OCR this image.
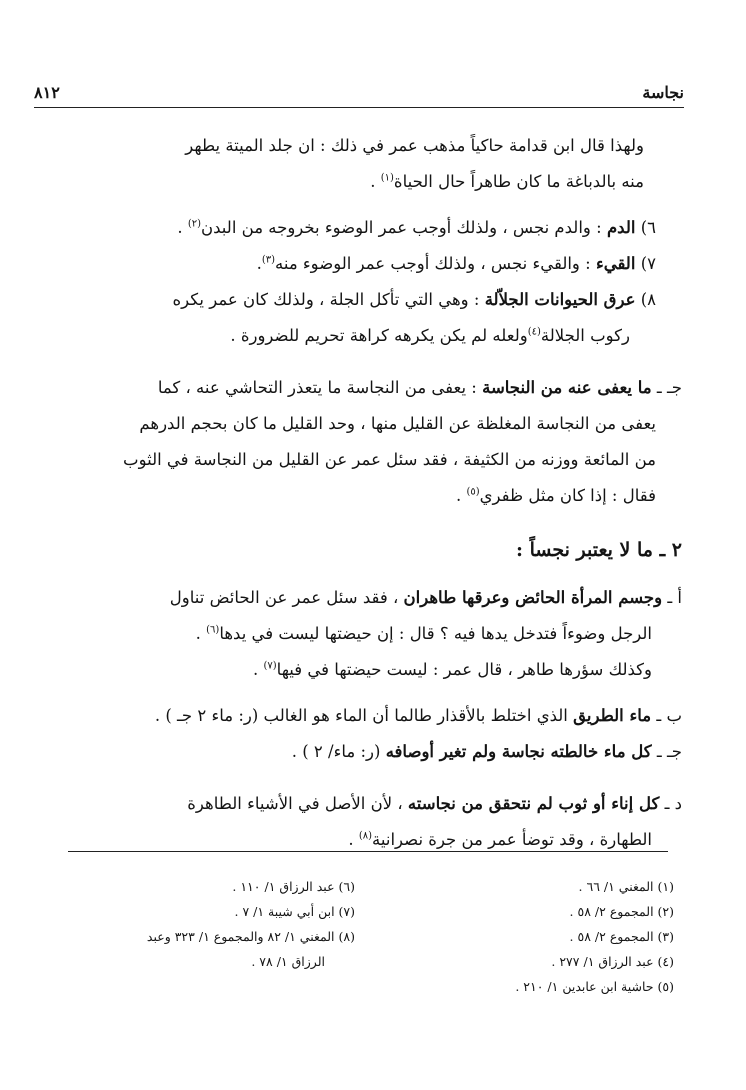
نجاسة
٨١٢

ولهذا قال ابن قدامة حاكياً مذهب عمر في ذلك : ان جلد الميتة يطهر

منه بالدباغة ما كان طاهراً حال الحياة$^{(١)}$ .

٦) الدم : والدم نجس ، ولذلك أوجب عمر الوضوء بخروجه من البدن$^{(٢)}$ .

٧) القيء : والقيء نجس ، ولذلك أوجب عمر الوضوء منه$^{(٣)}$.

٨) عرق الحيوانات الجلاّلة : وهي التي تأكل الجلة ، ولذلك كان عمر يكره

ركوب الجلالة$^{(٤)}$ولعله لم يكن يكرهه كراهة تحريم للضرورة .

جـ ـ ما يعفى عنه من النجاسة : يعفى من النجاسة ما يتعذر التحاشي عنه ، كما

يعفى من النجاسة المغلظة عن القليل منها ، وحد القليل ما كان بحجم الدرهم

من المائعة ووزنه من الكثيفة ، فقد سئل عمر عن القليل من النجاسة في الثوب

فقال : إذا كان مثل ظفري$^{(٥)}$ .

٢ ـ ما لا يعتبر نجساً :

أ ـ وجسم المرأة الحائض وعرقها طاهران ، فقد سئل عمر عن الحائض تناول

الرجل وضوءاً فتدخل يدها فيه ؟ قال : إن حيضتها ليست في يدها$^{(٦)}$ .

وكذلك سؤرها طاهر ، قال عمر : ليست حيضتها في فيها$^{(٧)}$ .

ب ـ ماء الطريق الذي اختلط بالأقذار طالما أن الماء هو الغالب (ر: ماء ٢ جـ ) .

جـ ـ كل ماء خالطته نجاسة ولم تغير أوصافه (ر: ماء/ ٢ ) .

د ـ كل إناء أو ثوب لم نتحقق من نجاسته ، لأن الأصل في الأشياء الطاهرة

الطهارة ، وقد توضأ عمر من جرة نصرانية$^{(٨)}$ .

(١) المغني ١/ ٦٦ .

(٢) المجموع ٢/ ٥٨ .

(٣) المجموع ٢/ ٥٨ .

(٤) عبد الرزاق ١/ ٢٧٧ .

(٥) حاشية ابن عابدين ١/ ٢١٠ .

(٦) عبد الرزاق ١/ ١١٠ .

(٧) ابن أبي شيبة ١/ ٧ .

(٨) المغني ١/ ٨٢ والمجموع ١/ ٣٢٣ وعبد

الرزاق ١/ ٧٨ .
